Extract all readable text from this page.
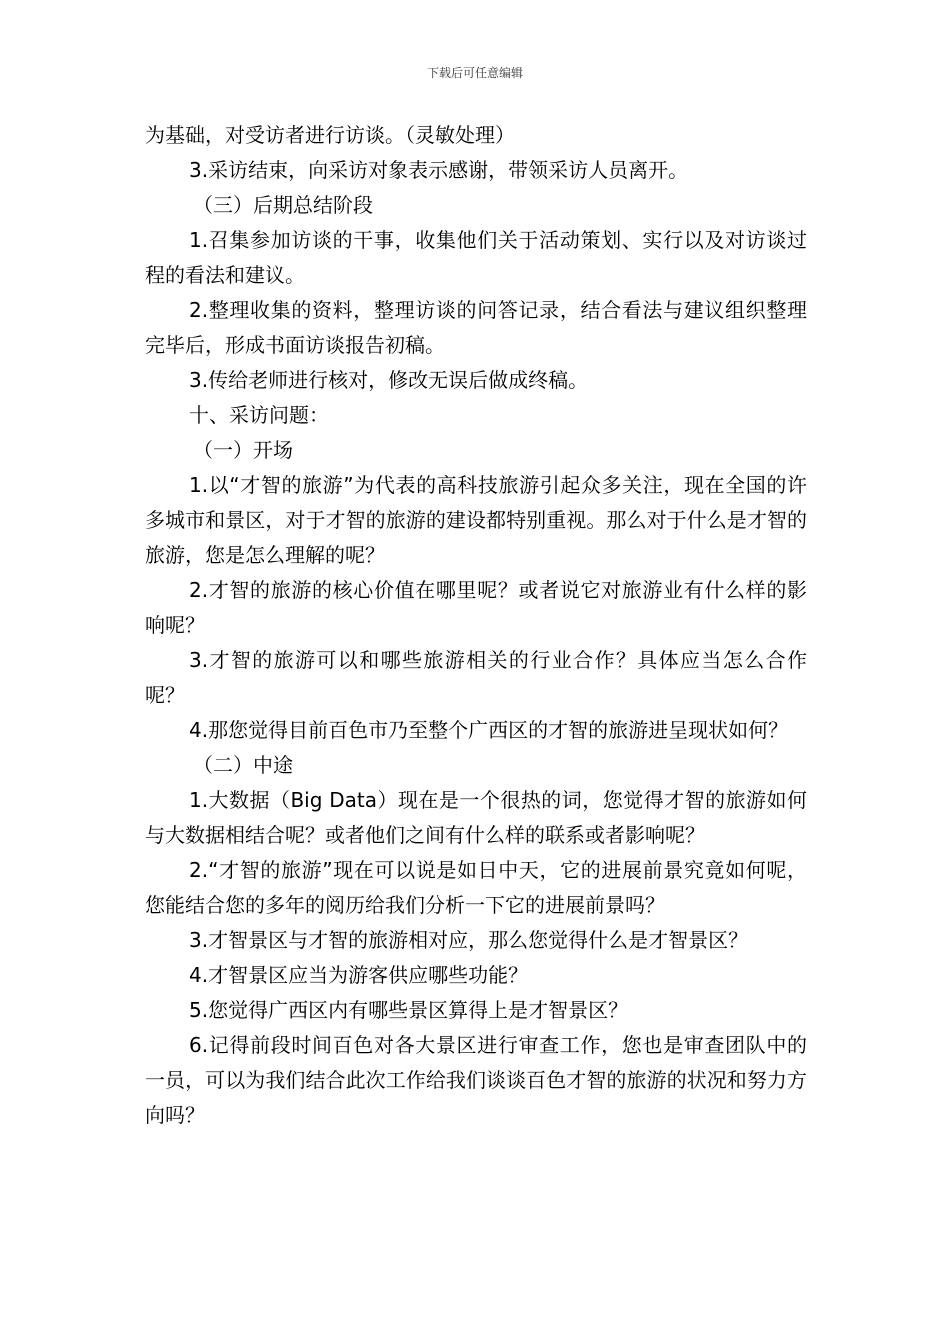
下载后可任意编辑

为基础，对受访者进行访谈。（灵敏处理）

3.采访结束，向采访对象表示感谢，带领采访人员离开。

（三）后期总结阶段

1.召集参加访谈的干事，收集他们关于活动策划、实行以及对访谈过程的看法和建议。

2.整理收集的资料，整理访谈的问答记录，结合看法与建议组织整理完毕后，形成书面访谈报告初稿。

3.传给老师进行核对，修改无误后做成终稿。

十、采访问题：

（一）开场

1.以“才智的旅游”为代表的高科技旅游引起众多关注，现在全国的许多城市和景区，对于才智的旅游的建设都特别重视。那么对于什么是才智的旅游，您是怎么理解的呢？

2.才智的旅游的核心价值在哪里呢？或者说它对旅游业有什么样的影响呢？

3.才智的旅游可以和哪些旅游相关的行业合作？具体应当怎么合作呢？

4.那您觉得目前百色市乃至整个广西区的才智的旅游进呈现状如何？

（二）中途

1.大数据（Big Data）现在是一个很热的词，您觉得才智的旅游如何与大数据相结合呢？或者他们之间有什么样的联系或者影响呢？

2.“才智的旅游”现在可以说是如日中天，它的进展前景究竟如何呢，您能结合您的多年的阅历给我们分析一下它的进展前景吗？

3.才智景区与才智的旅游相对应，那么您觉得什么是才智景区？

4.才智景区应当为游客供应哪些功能？

5.您觉得广西区内有哪些景区算得上是才智景区？

6.记得前段时间百色对各大景区进行审查工作，您也是审查团队中的一员，可以为我们结合此次工作给我们谈谈百色才智的旅游的状况和努力方向吗？
